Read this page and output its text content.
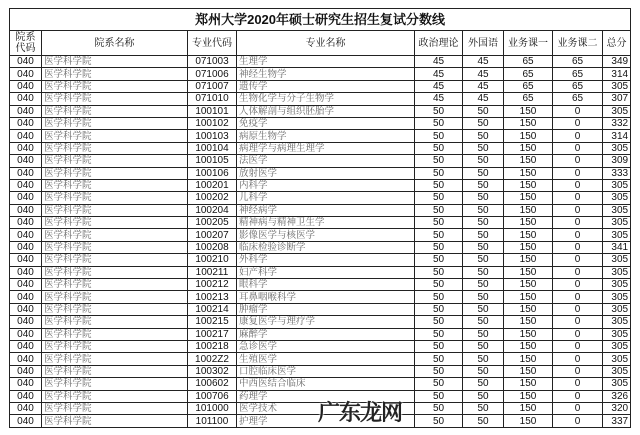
郑州大学2020年硕士研究生招生复试分数线								
院系代码	院系名称	专业代码	专业名称	政治理论	外国语	业务课一	业务课二	总分
040	医学科学院	071003	生理学	45	45	65	65	349
040	医学科学院	071006	神经生物学	45	45	65	65	314
040	医学科学院	071007	遗传学	45	45	65	65	305
040	医学科学院	071010	生物化学与分子生物学	45	45	65	65	307
040	医学科学院	100101	人体解剖与组织胚胎学	50	50	150	0	305
040	医学科学院	100102	免疫学	50	50	150	0	332
040	医学科学院	100103	病原生物学	50	50	150	0	314
040	医学科学院	100104	病理学与病理生理学	50	50	150	0	305
040	医学科学院	100105	法医学	50	50	150	0	309
040	医学科学院	100106	放射医学	50	50	150	0	333
040	医学科学院	100201	内科学	50	50	150	0	305
040	医学科学院	100202	儿科学	50	50	150	0	305
040	医学科学院	100204	神经病学	50	50	150	0	305
040	医学科学院	100205	精神病与精神卫生学	50	50	150	0	305
040	医学科学院	100207	影像医学与核医学	50	50	150	0	305
040	医学科学院	100208	临床检验诊断学	50	50	150	0	341
040	医学科学院	100210	外科学	50	50	150	0	305
040	医学科学院	100211	妇产科学	50	50	150	0	305
040	医学科学院	100212	眼科学	50	50	150	0	305
040	医学科学院	100213	耳鼻咽喉科学	50	50	150	0	305
040	医学科学院	100214	肿瘤学	50	50	150	0	305
040	医学科学院	100215	康复医学与理疗学	50	50	150	0	305
040	医学科学院	100217	麻醉学	50	50	150	0	305
040	医学科学院	100218	急诊医学	50	50	150	0	305
040	医学科学院	1002Z2	生殖医学	50	50	150	0	305
040	医学科学院	100302	口腔临床医学	50	50	150	0	305
040	医学科学院	100602	中西医结合临床	50	50	150	0	305
040	医学科学院	100706	药理学	50	50	150	0	326
040	医学科学院	101000	医学技术	50	50	150	0	320
040	医学科学院	101100	护理学	50	50	150	0	337
广东龙网
